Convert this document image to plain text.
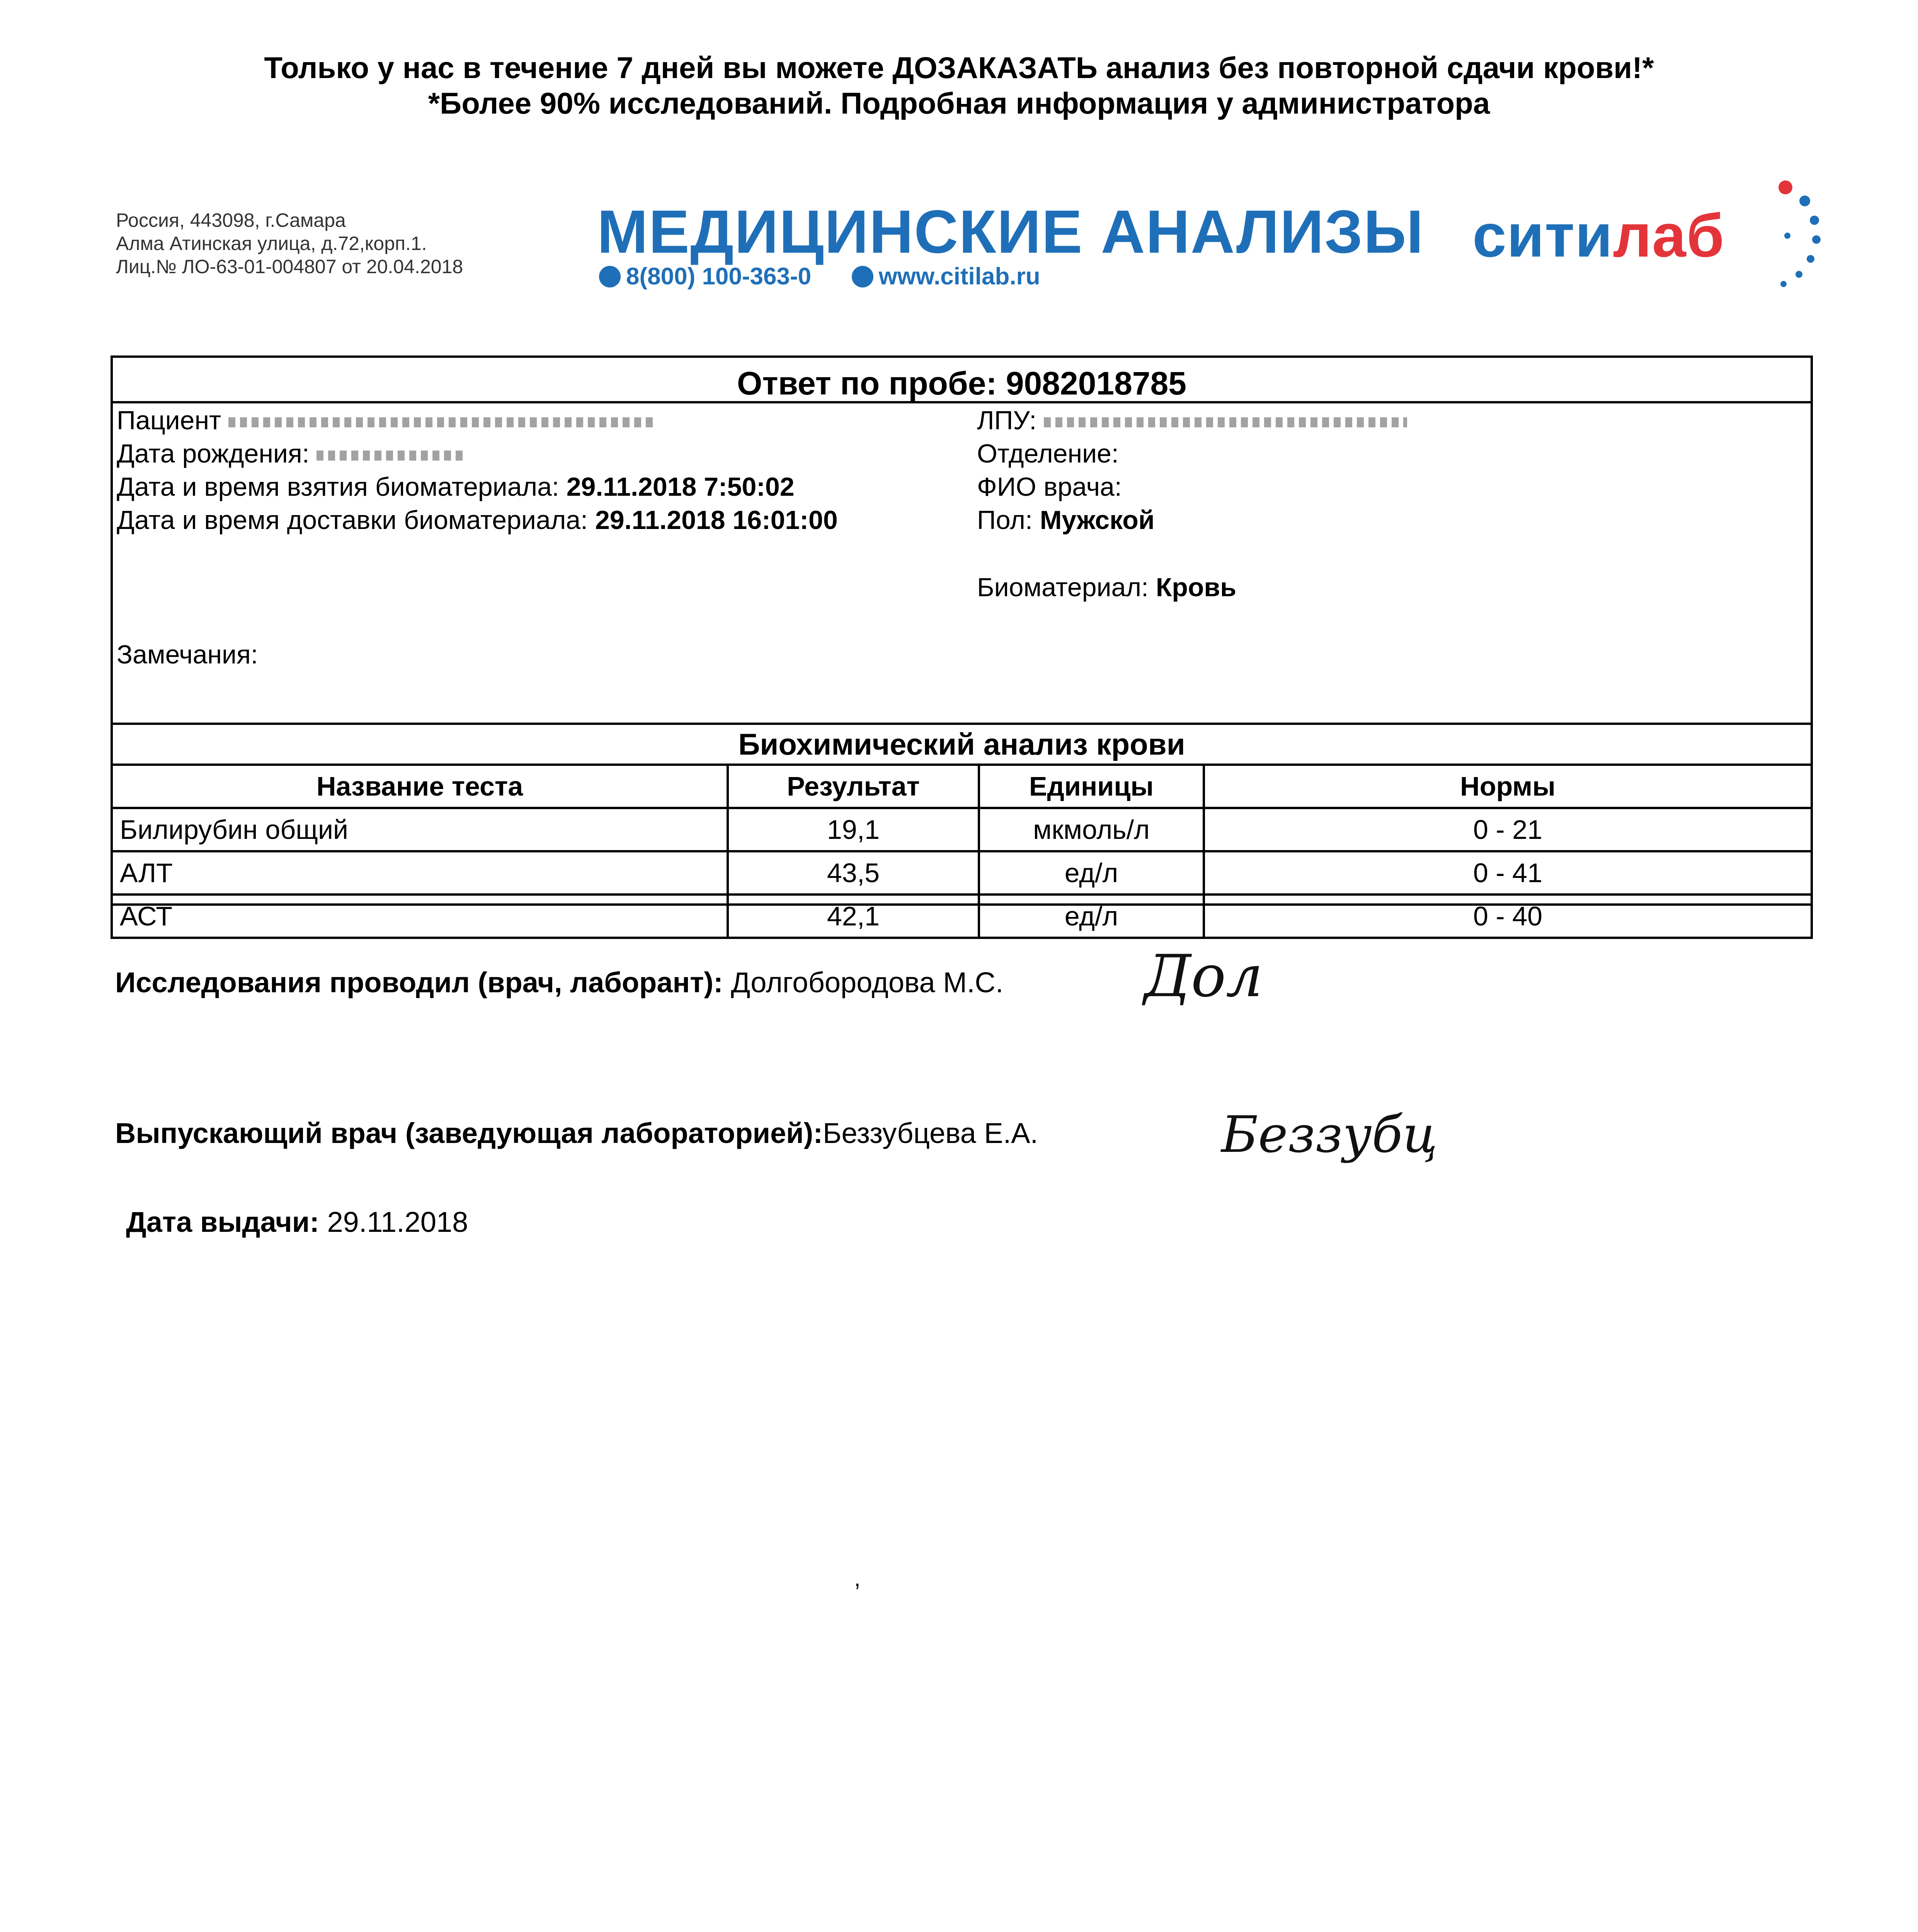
Только у нас в течение 7 дней вы можете ДОЗАКАЗАТЬ анализ без повторной сдачи крови!*
*Более 90% исследований. Подробная информация у администратора
Россия, 443098, г.Самара
Алма Атинская улица, д.72,корп.1.
Лиц.№ ЛО-63-01-004807 от 20.04.2018
МЕДИЦИНСКИЕ АНАЛИЗЫ
8(800) 100-363-0	www.citilab.ru
ситилаб
Ответ по пробе: 9082018785
Пациент
Дата рождения:
Дата и время взятия биоматериала: 29.11.2018 7:50:02
Дата и время доставки биоматериала: 29.11.2018 16:01:00
Замечания:
ЛПУ:
Отделение:
ФИО врача:
Пол: Мужской
Биоматериал: Кровь
Биохимический анализ крови			
Название теста	Результат	Единицы	Нормы
Билирубин общий	19,1	мкмоль/л	0 - 21
АЛТ	43,5	ед/л	0 - 41
АСТ	42,1	ед/л	0 - 40
Исследования проводил (врач, лаборант): Долгобородова М.С. Дол
Выпускающий врач (заведующая лабораторией):Беззубцева Е.А.	Беззубц
Дата выдачи: 29.11.2018
,
